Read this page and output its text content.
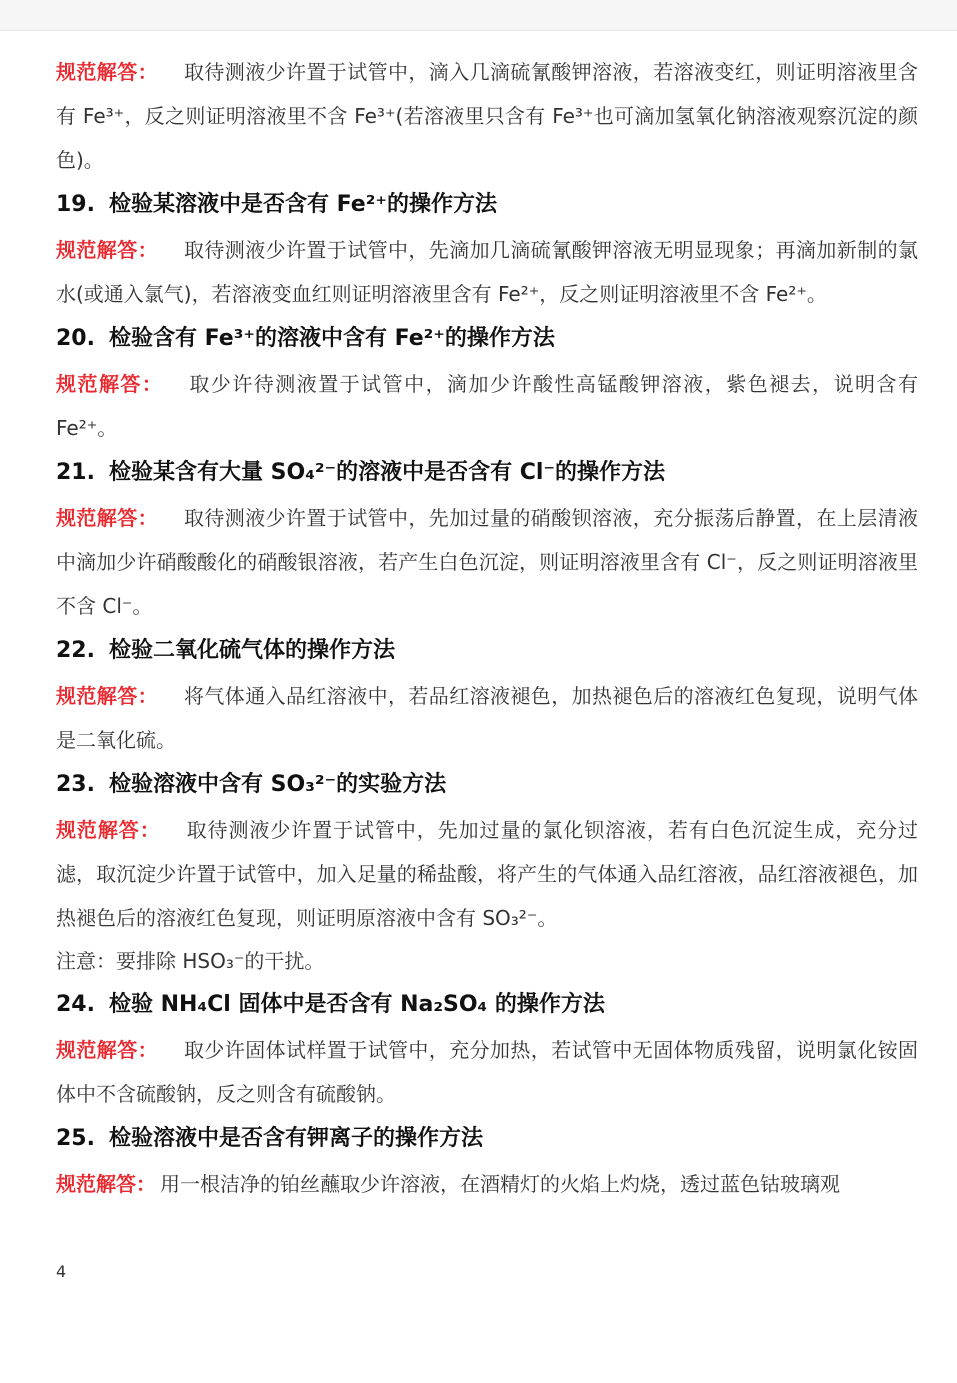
规范解答： 取待测液少许置于试管中，滴入几滴硫氰酸钾溶液，若溶液变红，则证明溶液里含有 Fe³⁺，反之则证明溶液里不含 Fe³⁺(若溶液里只含有 Fe³⁺也可滴加氢氧化钠溶液观察沉淀的颜色)。

19. 检验某溶液中是否含有 Fe²⁺的操作方法

规范解答： 取待测液少许置于试管中，先滴加几滴硫氰酸钾溶液无明显现象；再滴加新制的氯水(或通入氯气)，若溶液变血红则证明溶液里含有 Fe²⁺，反之则证明溶液里不含 Fe²⁺。

20. 检验含有 Fe³⁺的溶液中含有 Fe²⁺的操作方法

规范解答： 取少许待测液置于试管中，滴加少许酸性高锰酸钾溶液，紫色褪去，说明含有 Fe²⁺。

21. 检验某含有大量 SO₄²⁻的溶液中是否含有 Cl⁻的操作方法

规范解答： 取待测液少许置于试管中，先加过量的硝酸钡溶液，充分振荡后静置，在上层清液中滴加少许硝酸酸化的硝酸银溶液，若产生白色沉淀，则证明溶液里含有 Cl⁻，反之则证明溶液里不含 Cl⁻。

22. 检验二氧化硫气体的操作方法

规范解答： 将气体通入品红溶液中，若品红溶液褪色，加热褪色后的溶液红色复现，说明气体是二氧化硫。

23. 检验溶液中含有 SO₃²⁻的实验方法

规范解答： 取待测液少许置于试管中，先加过量的氯化钡溶液，若有白色沉淀生成，充分过滤，取沉淀少许置于试管中，加入足量的稀盐酸，将产生的气体通入品红溶液，品红溶液褪色，加热褪色后的溶液红色复现，则证明原溶液中含有 SO₃²⁻。

注意：要排除 HSO₃⁻的干扰。

24. 检验 NH₄Cl 固体中是否含有 Na₂SO₄ 的操作方法

规范解答： 取少许固体试样置于试管中，充分加热，若试管中无固体物质残留，说明氯化铵固体中不含硫酸钠，反之则含有硫酸钠。

25. 检验溶液中是否含有钾离子的操作方法

规范解答： 用一根洁净的铂丝蘸取少许溶液，在酒精灯的火焰上灼烧，透过蓝色钴玻璃观

4
